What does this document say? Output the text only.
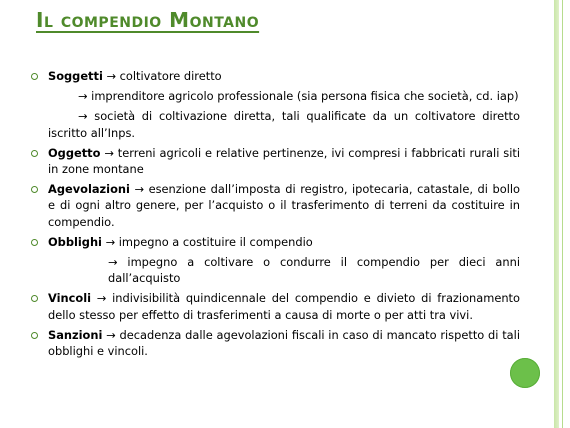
Il compendio Montano
Soggetti → coltivatore diretto
→ imprenditore agricolo professionale (sia persona fisica che società, cd. iap)
→ società di coltivazione diretta, tali qualificate da un coltivatore diretto iscritto all’Inps.
Oggetto → terreni agricoli e relative pertinenze, ivi compresi i fabbricati rurali siti in zone montane
Agevolazioni → esenzione dall’imposta di registro, ipotecaria, catastale, di bollo e di ogni altro genere, per l’acquisto o il trasferimento di terreni da costituire in compendio.
Obblighi → impegno a costituire il compendio
→ impegno a coltivare o condurre il compendio per dieci anni dall’acquisto
Vincoli → indivisibilità quindicennale del compendio e divieto di frazionamento dello stesso per effetto di trasferimenti a causa di morte o per atti tra vivi.
Sanzioni → decadenza dalle agevolazioni fiscali in caso di mancato rispetto di tali obblighi e vincoli.
